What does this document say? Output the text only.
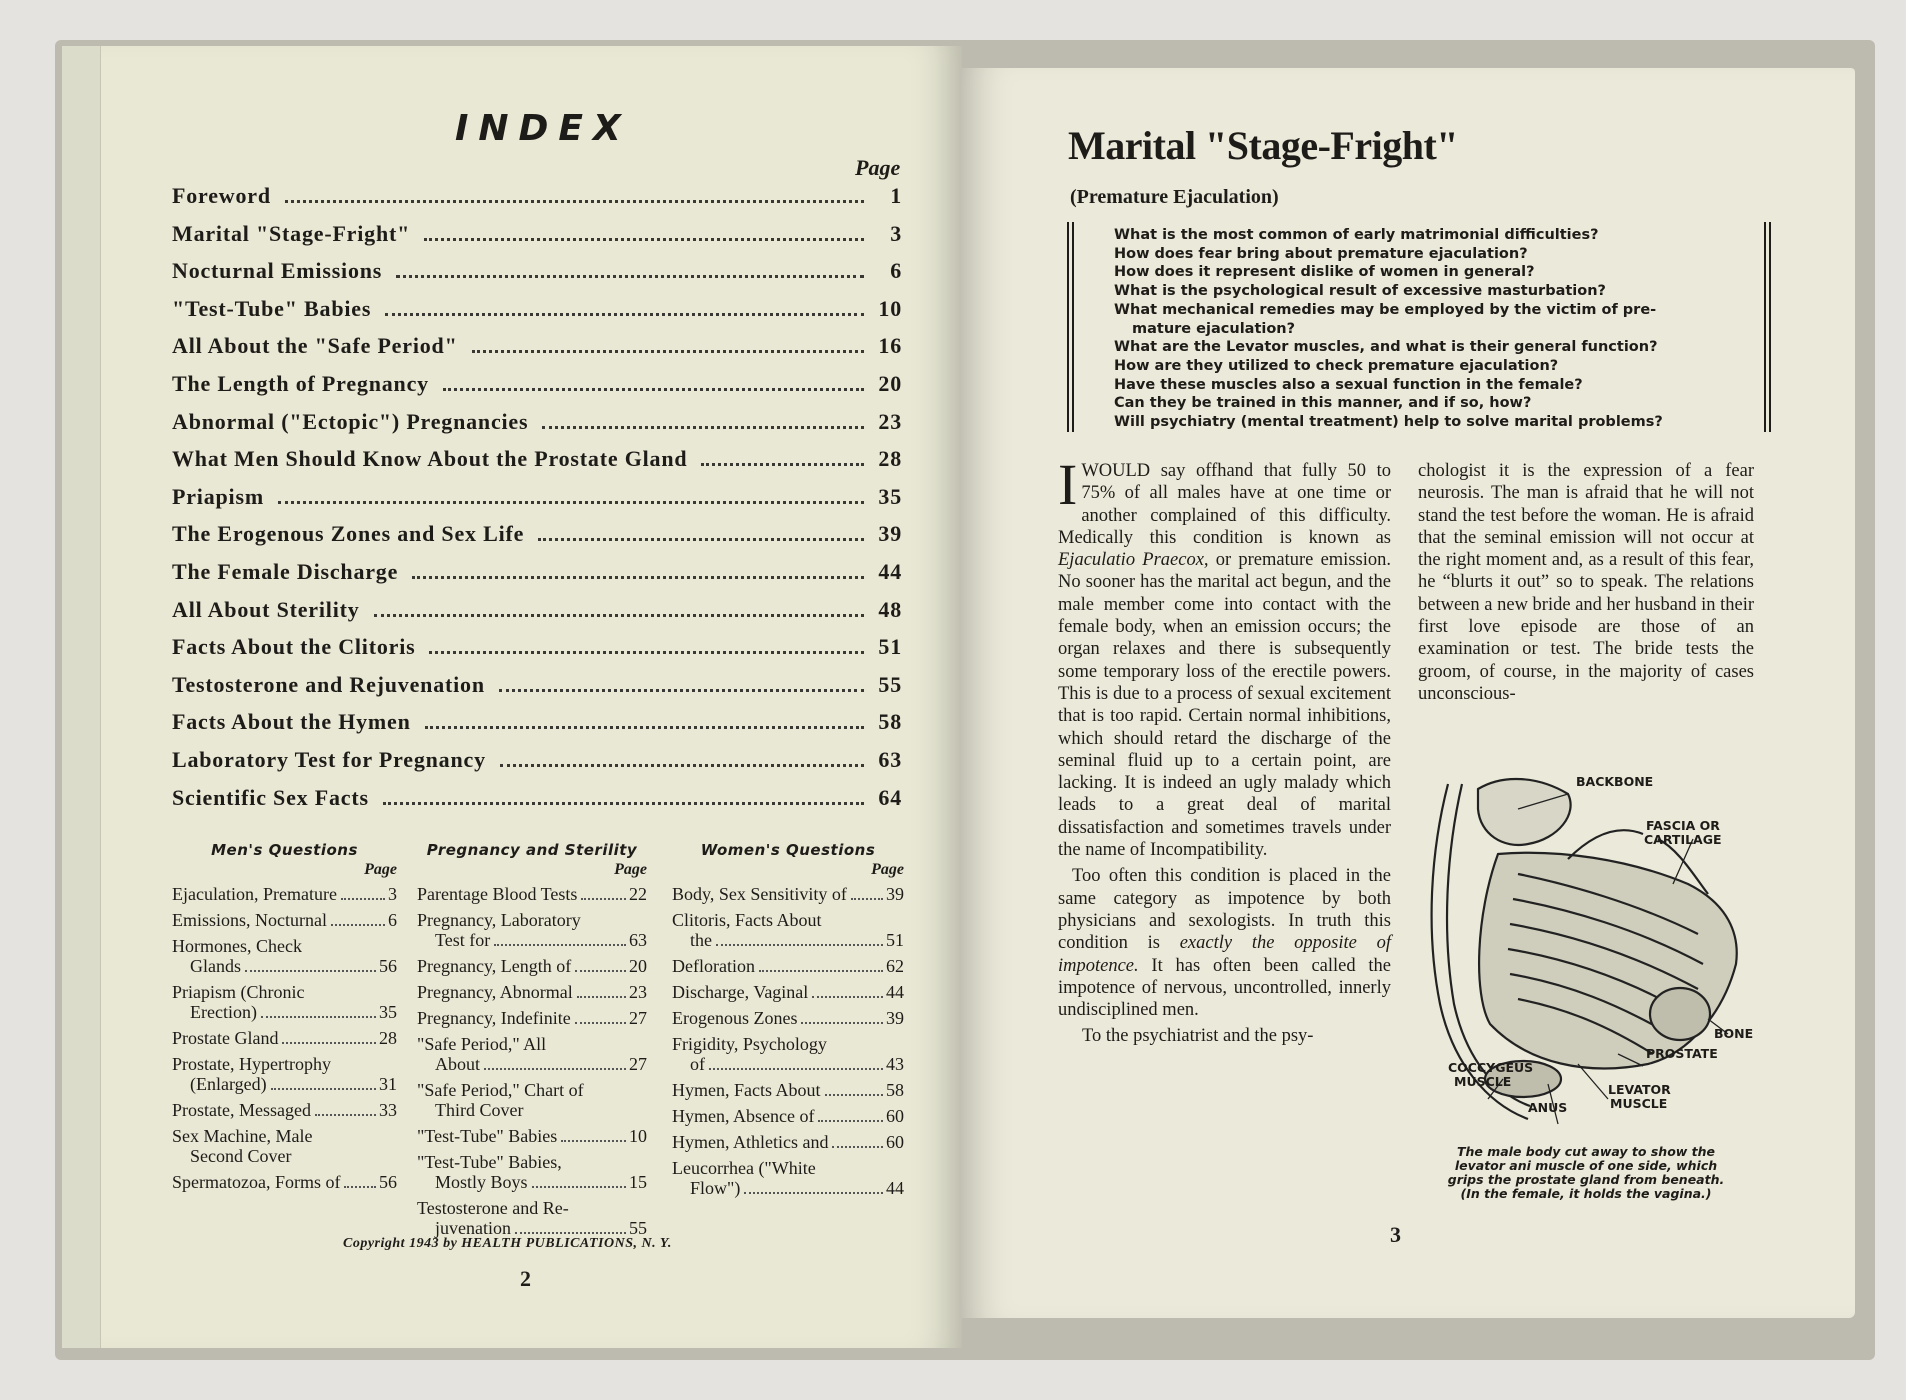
INDEX
Page
Foreword	1
Marital "Stage-Fright"	3
Nocturnal Emissions	6
"Test-Tube" Babies	10
All About the "Safe Period"	16
The Length of Pregnancy	20
Abnormal ("Ectopic") Pregnancies	23
What Men Should Know About the Prostate Gland	28
Priapism	35
The Erogenous Zones and Sex Life	39
The Female Discharge	44
All About Sterility	48
Facts About the Clitoris	51
Testosterone and Rejuvenation	55
Facts About the Hymen	58
Laboratory Test for Pregnancy	63
Scientific Sex Facts	64
Men's Questions
Page
Ejaculation, Premature	3
Emissions, Nocturnal	6
Hormones, Check
Glands	56
Priapism (Chronic
Erection)	35
Prostate Gland	28
Prostate, Hypertrophy
(Enlarged)	31
Prostate, Messaged	33
Sex Machine, Male
Second Cover
Spermatozoa, Forms of 56
Pregnancy and Sterility
Page
Parentage Blood Tests	22
Pregnancy, Laboratory
Test for	63
Pregnancy, Length of	20
Pregnancy, Abnormal	23
Pregnancy, Indefinite	27
"Safe Period," All
About	27
"Safe Period," Chart of
Third Cover
"Test-Tube" Babies	10
"Test-Tube" Babies,
Mostly Boys	15
Testosterone and Re-
juvenation	55
Women's Questions
Page
Body, Sex Sensitivity of 39
Clitoris, Facts About
the	51
Defloration	62
Discharge, Vaginal	44
Erogenous Zones	39
Frigidity, Psychology
of	43
Hymen, Facts About	58
Hymen, Absence of	60
Hymen, Athletics and	60
Leucorrhea ("White
Flow")	44
Copyright 1943 by HEALTH PUBLICATIONS, N. Y.
2
Marital "Stage-Fright"
(Premature Ejaculation)
What is the most common of early matrimonial difficulties?
How does fear bring about premature ejaculation?
How does it represent dislike of women in general?
What is the psychological result of excessive masturbation?
What mechanical remedies may be employed by the victim of pre-
mature ejaculation?
What are the Levator muscles, and what is their general function?
How are they utilized to check premature ejaculation?
Have these muscles also a sexual function in the female?
Can they be trained in this manner, and if so, how?
Will psychiatry (mental treatment) help to solve marital problems?

IWOULD say offhand that fully 50 to 75% of all males have at one time or another complained of this difficulty. Medically this condition is known as Ejaculatio Praecox, or premature emission. No sooner has the marital act begun, and the male member come into contact with the female body, when an emission occurs; the organ relaxes and there is subsequently some temporary loss of the erectile powers. This is due to a process of sexual excitement that is too rapid. Certain normal inhibitions, which should retard the discharge of the seminal fluid up to a certain point, are lacking. It is indeed an ugly malady which leads to a great deal of marital dissatisfaction and sometimes travels under the name of Incompatibility.

Too often this condition is placed in the same category as impotence by both physicians and sexologists. In truth this condition is exactly the opposite of impotence. It has often been called the impotence of nervous, uncontrolled, innerly undisciplined men.

To the psychiatrist and the psy-

chologist it is the expression of a fear neurosis. The man is afraid that he will not stand the test before the woman. He is afraid that the seminal emission will not occur at the right moment and, as a result of this fear, he “blurts it out” so to speak. The relations between a new bride and her husband in their first love episode are those of an examination or test. The bride tests the groom, of course, in the majority of cases unconscious-

BACKBONE
FASCIA OR
CARTILAGE
BONE
PROSTATE
COCCYGEUS
MUSCLE
ANUS
LEVATOR
MUSCLE
The male body cut away to show the
levator ani muscle of one side, which
grips the prostate gland from beneath.
(In the female, it holds the vagina.)
3
